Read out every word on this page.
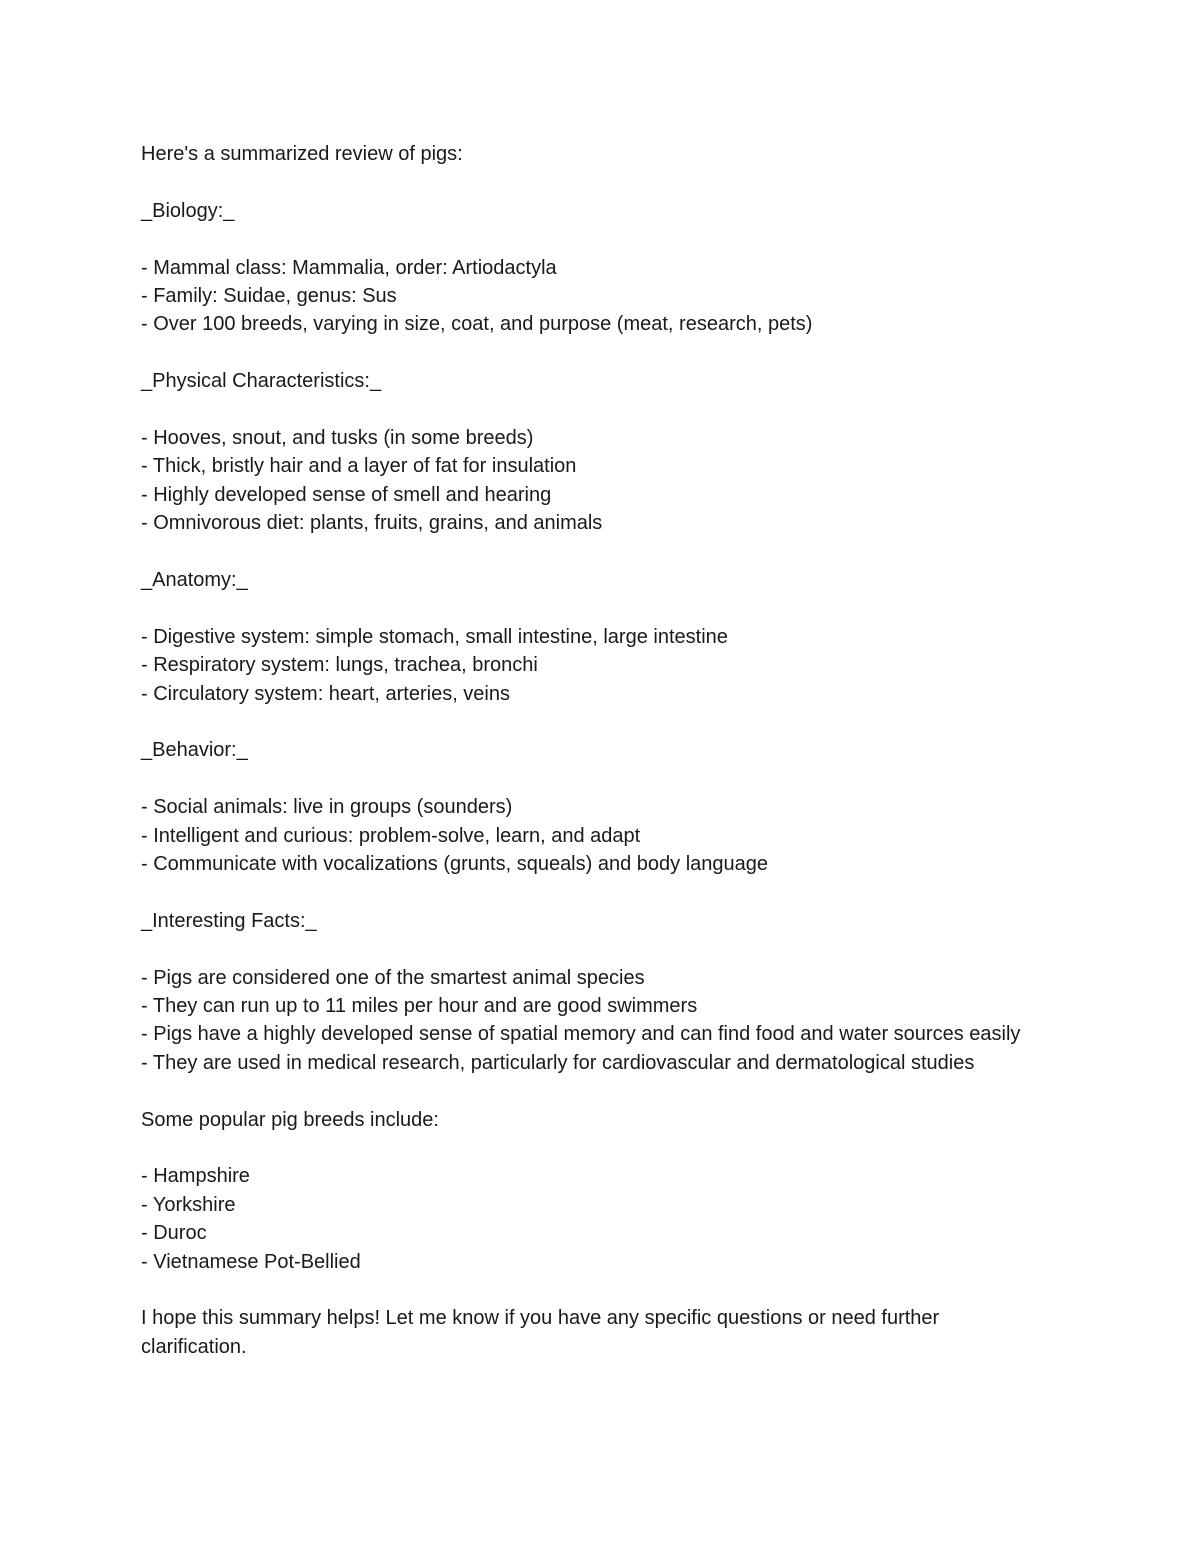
Here's a summarized review of pigs:
_Biology:_
- Mammal class: Mammalia, order: Artiodactyla
- Family: Suidae, genus: Sus
- Over 100 breeds, varying in size, coat, and purpose (meat, research, pets)
_Physical Characteristics:_
- Hooves, snout, and tusks (in some breeds)
- Thick, bristly hair and a layer of fat for insulation
- Highly developed sense of smell and hearing
- Omnivorous diet: plants, fruits, grains, and animals
_Anatomy:_
- Digestive system: simple stomach, small intestine, large intestine
- Respiratory system: lungs, trachea, bronchi
- Circulatory system: heart, arteries, veins
_Behavior:_
- Social animals: live in groups (sounders)
- Intelligent and curious: problem-solve, learn, and adapt
- Communicate with vocalizations (grunts, squeals) and body language
_Interesting Facts:_
- Pigs are considered one of the smartest animal species
- They can run up to 11 miles per hour and are good swimmers
- Pigs have a highly developed sense of spatial memory and can find food and water sources easily
- They are used in medical research, particularly for cardiovascular and dermatological studies
Some popular pig breeds include:
- Hampshire
- Yorkshire
- Duroc
- Vietnamese Pot-Bellied
I hope this summary helps! Let me know if you have any specific questions or need further clarification.
